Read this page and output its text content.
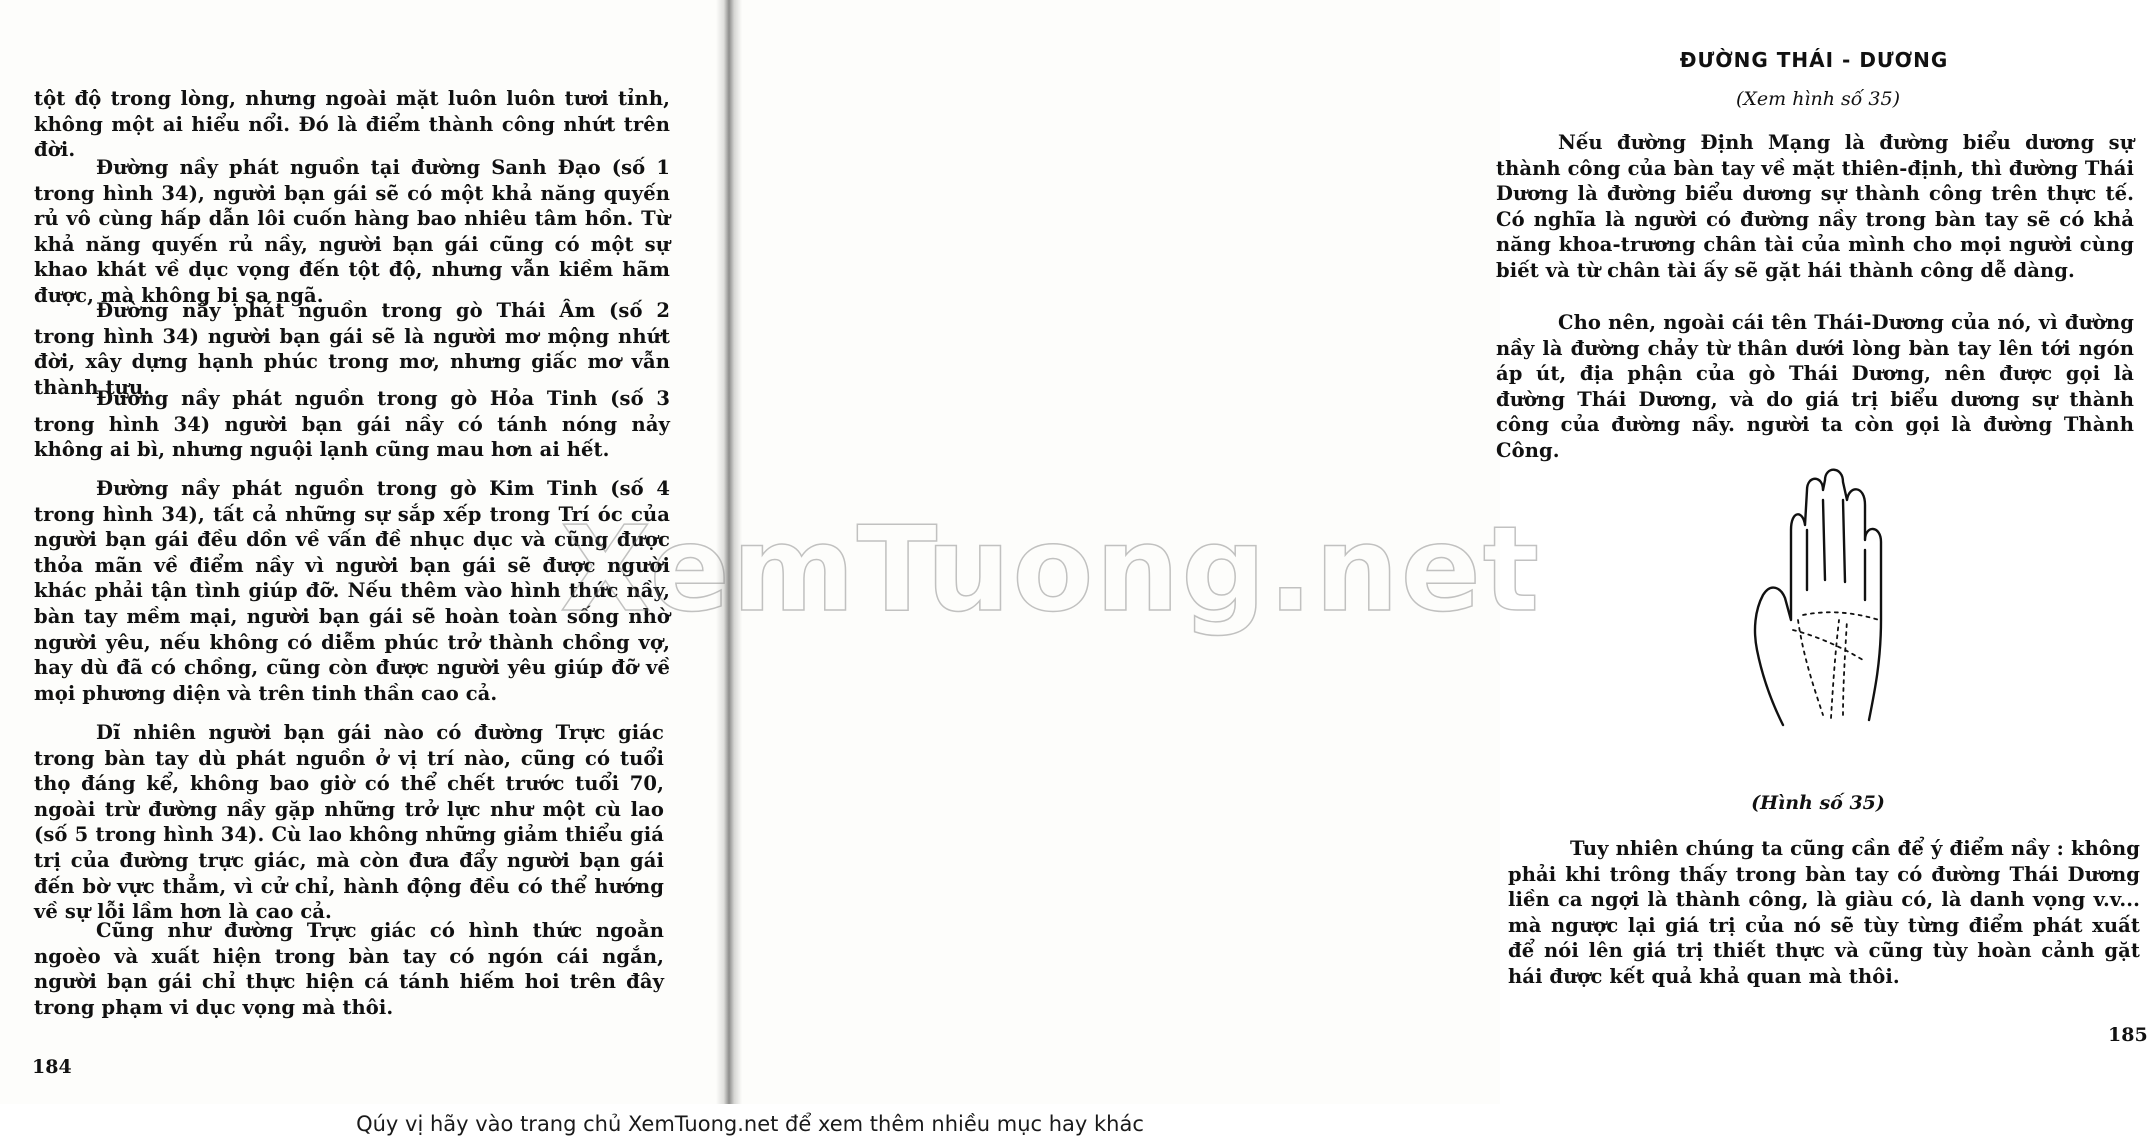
tột độ trong lòng, nhưng ngoài mặt luôn luôn tươi tỉnh, không một ai hiểu nổi. Đó là điểm thành công nhứt trên đời.

Đường nầy phát nguồn tại đường Sanh Đạo (số 1 trong hình 34), người bạn gái sẽ có một khả năng quyến rủ vô cùng hấp dẫn lôi cuốn hàng bao nhiêu tâm hồn. Từ khả năng quyến rủ nầy, người bạn gái cũng có một sự khao khát về dục vọng đến tột độ, nhưng vẫn kiềm hãm được, mà không bị sa ngã.

Đường nầy phát nguồn trong gò Thái Âm (số 2 trong hình 34) người bạn gái sẽ là người mơ mộng nhứt đời, xây dựng hạnh phúc trong mơ, nhưng giấc mơ vẫn thành tựu.

Đường nầy phát nguồn trong gò Hỏa Tinh (số 3 trong hình 34) người bạn gái nầy có tánh nóng nảy không ai bì, nhưng nguội lạnh cũng mau hơn ai hết.

Đường nầy phát nguồn trong gò Kim Tinh (số 4 trong hình 34), tất cả những sự sắp xếp trong Trí óc của người bạn gái đều dồn về vấn đề nhục dục và cũng được thỏa mãn về điểm nầy vì người bạn gái sẽ được người khác phải tận tình giúp đỡ. Nếu thêm vào hình thức nầy, bàn tay mềm mại, người bạn gái sẽ hoàn toàn sống nhờ người yêu, nếu không có diễm phúc trở thành chồng vợ, hay dù đã có chồng, cũng còn được người yêu giúp đỡ về mọi phương diện và trên tinh thần cao cả.

Dĩ nhiên người bạn gái nào có đường Trực giác trong bàn tay dù phát nguồn ở vị trí nào, cũng có tuổi thọ đáng kể, không bao giờ có thể chết trước tuổi 70, ngoài trừ đường nầy gặp những trở lực như một cù lao (số 5 trong hình 34). Cù lao không những giảm thiểu giá trị của đường trực giác, mà còn đưa đẩy người bạn gái đến bờ vực thẳm, vì cử chỉ, hành động đều có thể hướng về sự lỗi lầm hơn là cao cả.

Cũng như đường Trực giác có hình thức ngoằn ngoèo và xuất hiện trong bàn tay có ngón cái ngắn, người bạn gái chỉ thực hiện cá tánh hiếm hoi trên đây trong phạm vi dục vọng mà thôi.

184
ĐƯỜNG THÁI - DƯƠNG
(Xem hình số 35)

Nếu đường Định Mạng là đường biểu dương sự thành công của bàn tay về mặt thiên-định, thì đường Thái Dương là đường biểu dương sự thành công trên thực tế. Có nghĩa là người có đường nầy trong bàn tay sẽ có khả năng khoa-trương chân tài của mình cho mọi người cùng biết và từ chân tài ấy sẽ gặt hái thành công dễ dàng.

Cho nên, ngoài cái tên Thái-Dương của nó, vì đường nầy là đường chảy từ thân dưới lòng bàn tay lên tới ngón áp út, địa phận của gò Thái Dương, nên được gọi là đường Thái Dương, và do giá trị biểu dương sự thành công của đường nầy. người ta còn gọi là đường Thành Công.

(Hình số 35)

Tuy nhiên chúng ta cũng cần để ý điểm nầy : không phải khi trông thấy trong bàn tay có đường Thái Dương liền ca ngợi là thành công, là giàu có, là danh vọng v.v... mà ngược lại giá trị của nó sẽ tùy từng điểm phát xuất để nói lên giá trị thiết thực và cũng tùy hoàn cảnh gặt hái được kết quả khả quan mà thôi.

185
XemTuong.net
Qúy vị hãy vào trang chủ XemTuong.net để xem thêm nhiều mục hay khác
